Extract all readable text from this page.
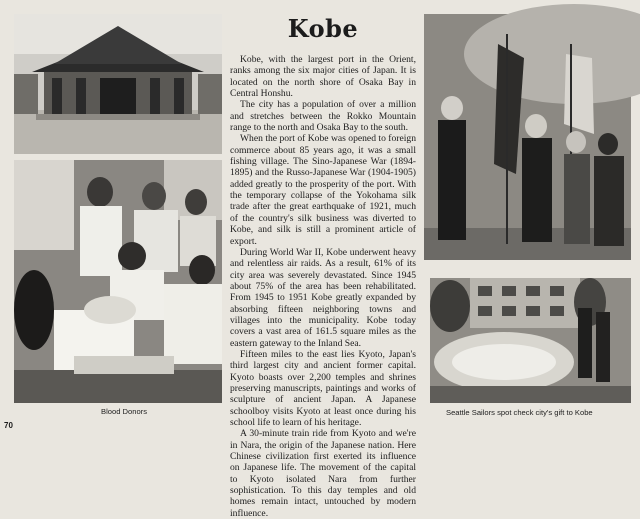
Kobe

Kobe, with the largest port in the Orient, ranks among the six major cities of Japan. It is located on the north shore of Osaka Bay in Central Honshu.

The city has a population of over a million and stretches between the Rokko Mountain range to the north and Osaka Bay to the south.

When the port of Kobe was opened to foreign commerce about 85 years ago, it was a small fishing village. The Sino-Japanese War (1894-1895) and the Russo-Japanese War (1904-1905) added greatly to the prosperity of the port. With the temporary collapse of the Yokohama silk trade after the great earthquake of 1921, much of the country's silk business was diverted to Kobe, and silk is still a prominent article of export.

During World War II, Kobe underwent heavy and relentless air raids. As a result, 61% of its city area was severely devastated. Since 1945 about 75% of the area has been rehabilitated. From 1945 to 1951 Kobe greatly expanded by absorbing fifteen neighboring towns and villages into the municipality. Kobe today covers a vast area of 161.5 square miles as the eastern gateway to the Inland Sea.

Fifteen miles to the east lies Kyoto, Japan's third largest city and ancient former capital. Kyoto boasts over 2,200 temples and shrines preserving manuscripts, paintings and works of sculpture of ancient Japan. A Japanese schoolboy visits Kyoto at least once during his school life to learn of his heritage.

A 30-minute train ride from Kyoto and we're in Nara, the origin of the Japanese nation. Here Chinese civilization first exerted its influence on Japanese life. The movement of the capital to Kyoto isolated Nara from further sophistication. To this day temples and old homes remain intact, untouched by modern influence.

Blood Donors	Seattle Sailors spot check city's gift to Kobe
70
